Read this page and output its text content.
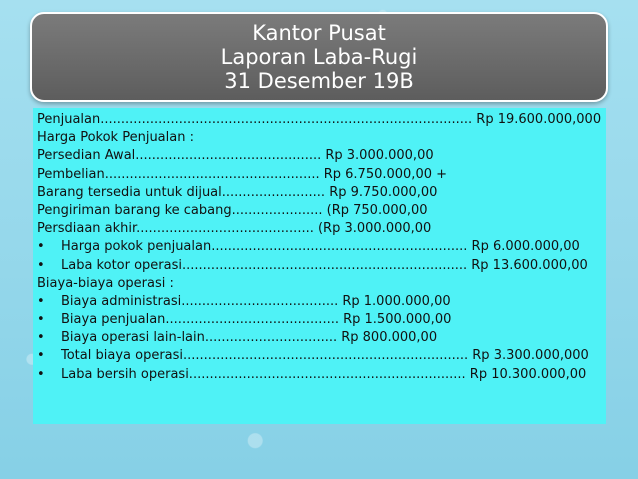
Kantor Pusat
Laporan Laba-Rugi
31 Desember 19B
Penjualan.......................................................................................... Rp 19.600.000,000
Harga Pokok Penjualan :
Persedian Awal............................................. Rp 3.000.000,00
Pembelian.................................................... Rp 6.750.000,00 +
Barang tersedia untuk dijual......................... Rp 9.750.000,00
Pengiriman barang ke cabang...................... (Rp 750.000,00
Persdiaan akhir........................................... (Rp 3.000.000,00
• Harga pokok penjualan.............................................................. Rp 6.000.000,00
• Laba kotor operasi..................................................................... Rp 13.600.000,00
Biaya-biaya operasi :
• Biaya administrasi...................................... Rp 1.000.000,00
• Biaya penjualan.......................................... Rp 1.500.000,00
• Biaya operasi lain-lain................................ Rp 800.000,00
• Total biaya operasi..................................................................... Rp 3.300.000,000
• Laba bersih operasi................................................................... Rp 10.300.000,00
